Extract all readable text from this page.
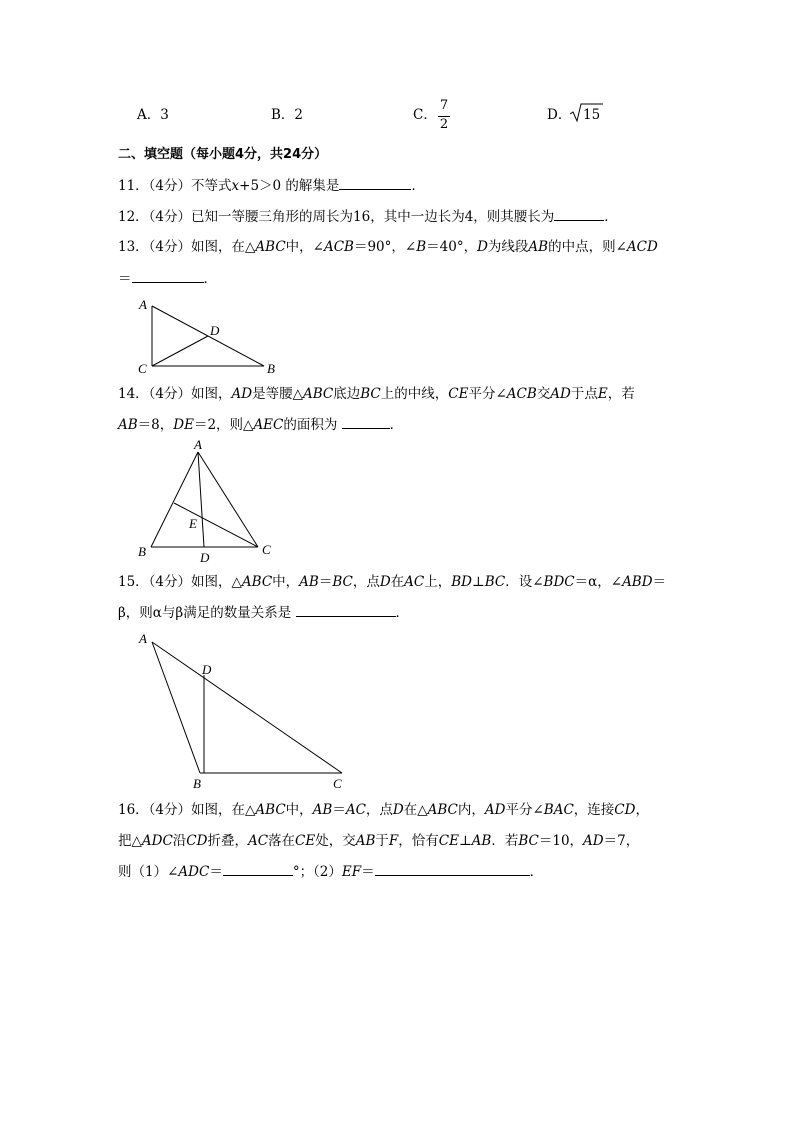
A．3	B．2	C．
7
2
D． 15
二、填空题（每小题4分，共24分）
11．（4分）不等式x+5＞0 的解集是	．
12．（4分）已知一等腰三角形的周长为16，其中一边长为4，则其腰长为	．
13．（4分）如图，在△ABC中，∠ACB＝90°，∠B＝40°，D为线段AB的中点，则∠ACD
＝	．
A
C	B
D
14．（4分）如图，AD是等腰△ABC底边BC上的中线，CE平分∠ACB交AD于点E，若
AB＝8，DE＝2，则△AEC的面积为	．
A
B	C
D
E
15．（4分）如图，△ABC中，AB＝BC，点D在AC上，BD⊥BC．设∠BDC＝α，∠ABD＝
β，则α与β满足的数量关系是	．
A
D
B	C
16．（4分）如图，在△ABC中，AB＝AC，点D在△ABC内，AD平分∠BAC，连接CD，
把△ADC沿CD折叠，AC落在CE处，交AB于F，恰有CE⊥AB．若BC＝10，AD＝7，
则（1）∠ADC＝	°；（2）EF＝	．
